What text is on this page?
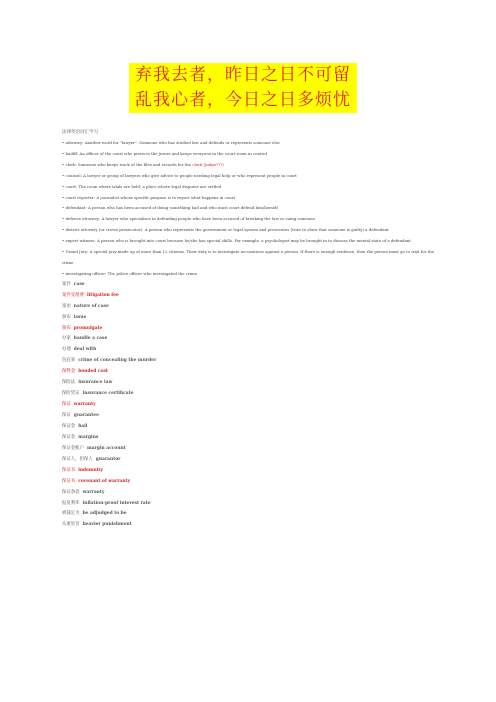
弃我去者，昨日之日不可留
乱我心者，今日之日多烦忧
法律英语词汇学习
• attorney: Another word for "lawyer". Someone who has studied law and defends or represents someone else
• bailiff: An officer of the court who protects the jurors and keeps everyone in the court room in control
• clerk: Someone who keeps track of the files and records for the clerk (judge???)
• counsel: A lawyer or group of lawyers who give advice to people needing legal help or who represent people in court
• court: The room where trials are held; a place where legal disputes are settled
• court reporter: A journalist whose specific purpose is to report what happens in court
• defendant: A person who has been accused of doing something bad and who must court defend him/herself
• defence attorney: A lawyer who specializes in defending people who have been accused of breaking the law or suing someone
• district attorney (or crown prosecutor): A person who represents the government or legal system and prosecutes (tries to show that someone is guilty) a defendant
• expert witness: A person who is brought into court because he/she has special skills. For example, a psychologist may be brought in to discuss the mental state of a defendant
• Grand Jury: A special jury made up of more than 12 citizens. Their duty is to investigate accusations against a person. If there is enough evidence, then the person must go to trial for the crime
• investigating officer: The police officer who investigated the crime
案件 case
案件受理费 litigation fee
案由 nature of case
颁布 issue
颁布 promulgate
办案 handle a case
办理 deal with
包庇罪 crime of concealing the murder
保释金 bonded cost
保险法 insurance law
保险凭证 insurance certificate
保证 warranty
保证 guarantee
保证金 bail
保证金 margins
保证金帐户 margin account
保证人，担保人 guarantor
保证书 indemnity
保证书 covenant of warranty
保证条款 warranty
报复利率 inflation-proof interest rate
被裁定为 be adjudged to be
从重处罚 heavier punishment
